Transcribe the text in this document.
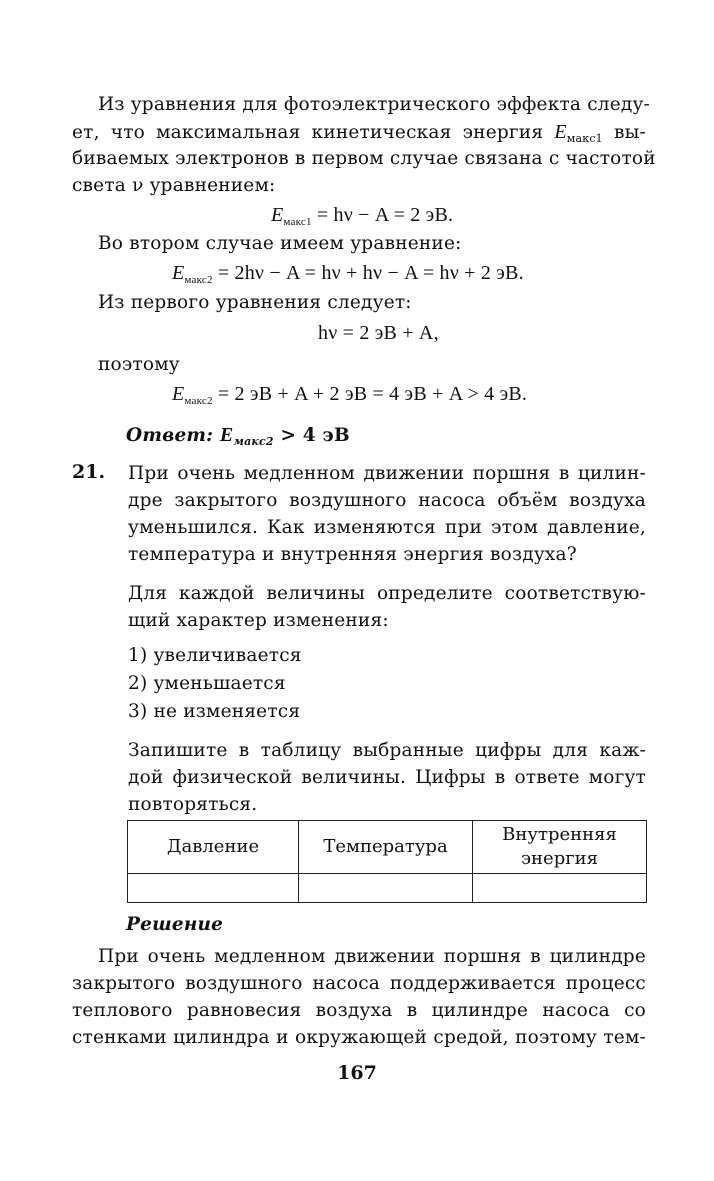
Из уравнения для фотоэлектрического эффекта следу-
ет, что максимальная кинетическая энергия $E_{макс1}$ вы-
биваемых электронов в первом случае связана с частотой
света ν уравнением:
$E_{макс1} = h\nu - A = 2$ эВ.
Во втором случае имеем уравнение:
$E_{макс2} = 2h\nu - A = h\nu + h\nu - A = h\nu + 2$ эВ.
Из первого уравнения следует:
hν = 2 эВ + A,
поэтому
$E_{макс2} = 2$ эВ + A + 2 эВ = 4 эВ + A > 4 эВ.
Ответ: $E_{макс2} > 4$ эВ
21. При очень медленном движении поршня в цилин-
дре закрытого воздушного насоса объём воздуха
уменьшился. Как изменяются при этом давление,
температура и внутренняя энергия воздуха?
Для каждой величины определите соответствую-
щий характер изменения:
1) увеличивается
2) уменьшается
3) не изменяется
Запишите в таблицу выбранные цифры для каж-
дой физической величины. Цифры в ответе могут
повторяться.
Давление	Температура	Внутренняя
энергия

Решение
При очень медленном движении поршня в цилиндре
закрытого воздушного насоса поддерживается процесс
теплового равновесия воздуха в цилиндре насоса со
стенками цилиндра и окружающей средой, поэтому тем-
167
